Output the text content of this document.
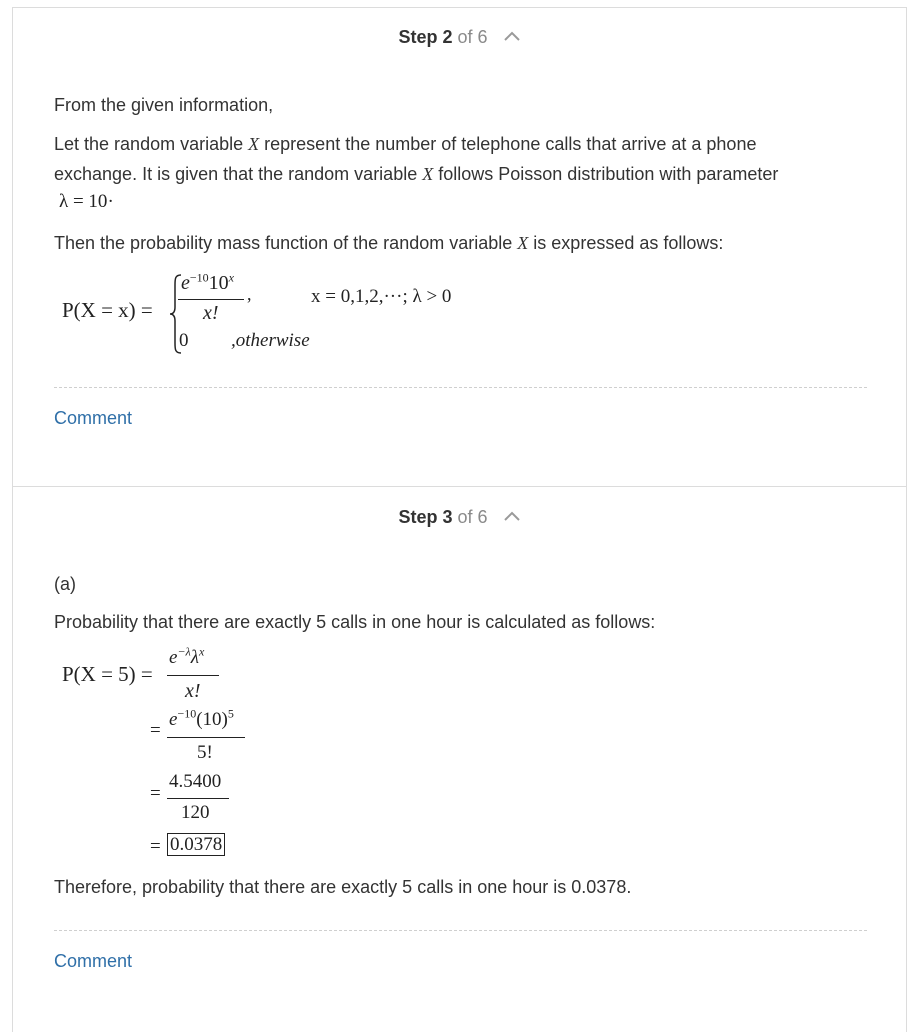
Step 2 of 6

From the given information,

Let the random variable X represent the number of telephone calls that arrive at a phone exchange. It is given that the random variable X follows Poisson distribution with parameter

λ = 10·

Then the probability mass function of the random variable X is expressed as follows:

P(X = x) =
$e^{-10}10^x$
,
x!
x = 0,1,2,···; λ > 0
0 ,otherwise
Comment
Step 3 of 6

(a)

Probability that there are exactly 5 calls in one hour is calculated as follows:

P(X = 5) =
$e^{-\lambda}\lambda^x$
x!
=
$e^{-10}(10)^5$
5!
=
4.5400
120
= 0.0378

Therefore, probability that there are exactly 5 calls in one hour is 0.0378.

Comment
